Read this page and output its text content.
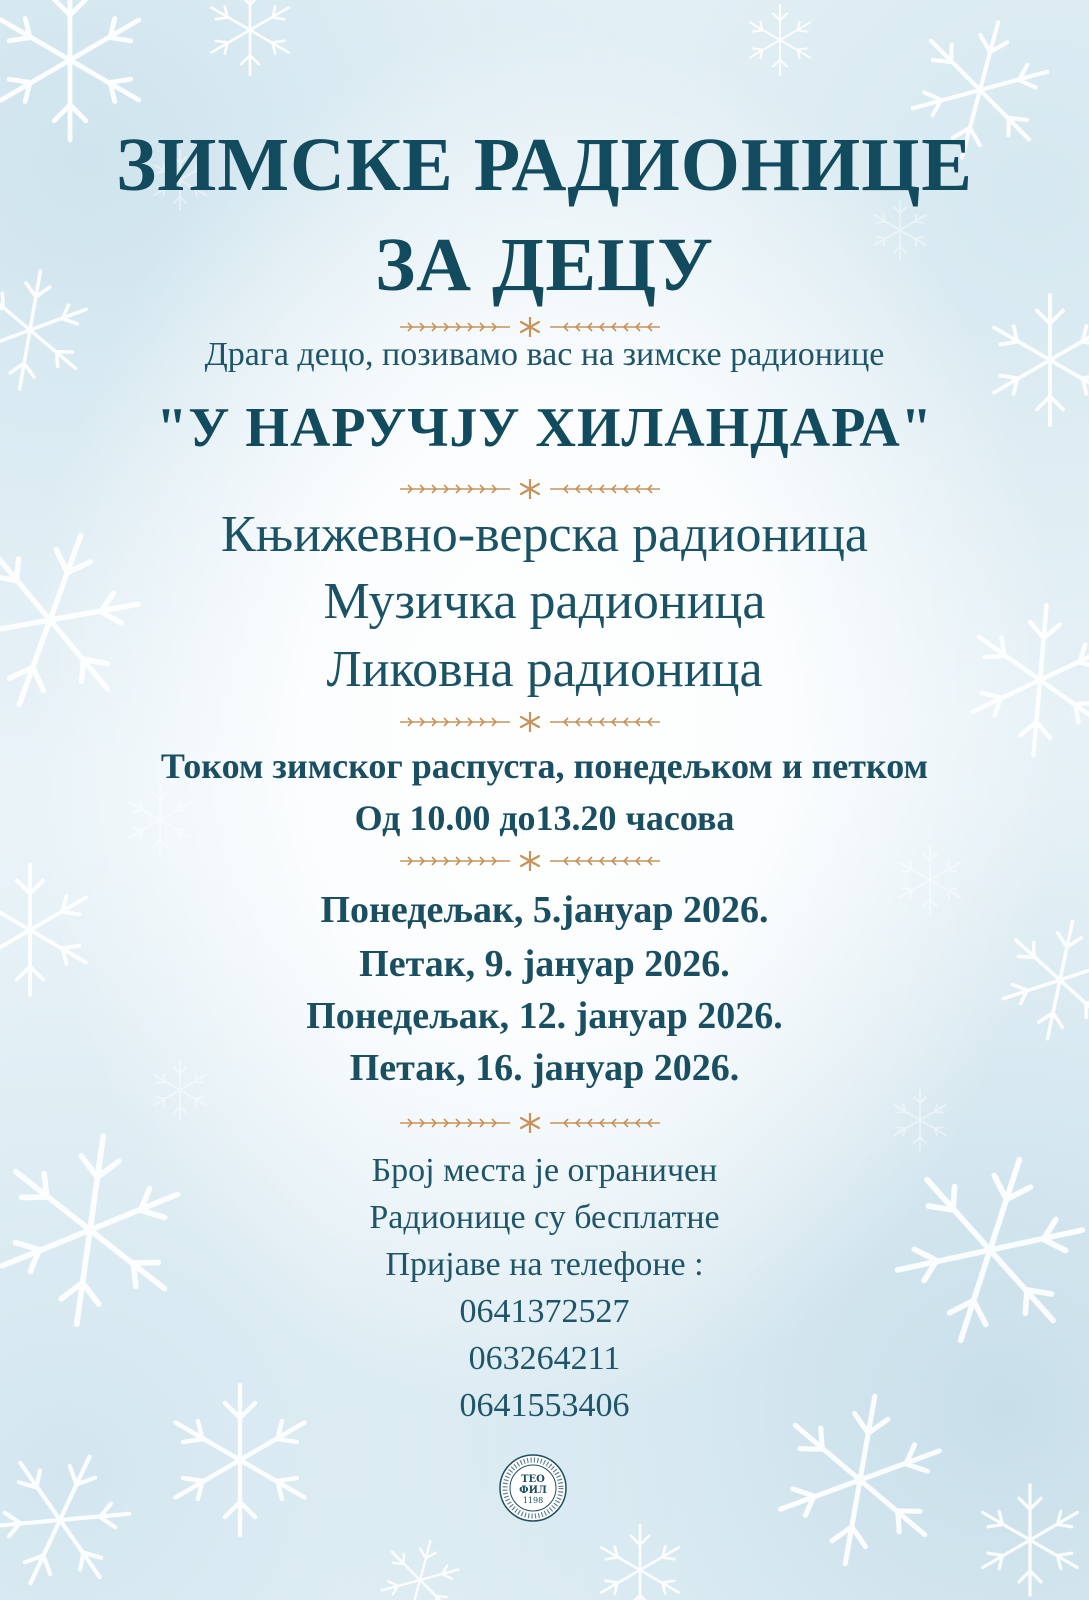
ЗИМСКЕ РАДИОНИЦЕ
ЗА ДЕЦУ
Драга децо, позивамо вас на зимске радионице
"У НАРУЧЈУ ХИЛАНДАРА"
Књижевно-верска радионица
Музичка радионица
Ликовна радионица
Током зимског распуста, понедељком и петком
Од 10.00 до13.20 часова
Понедељак, 5.јануар 2026.
Петак, 9. јануар 2026.
Понедељак, 12. јануар 2026.
Петак, 16. јануар 2026.
Број места је ограничен
Радионице су бесплатне
Пријаве на телефоне :
0641372527
063264211
0641553406
ТЕО
ФИЛ
1198
